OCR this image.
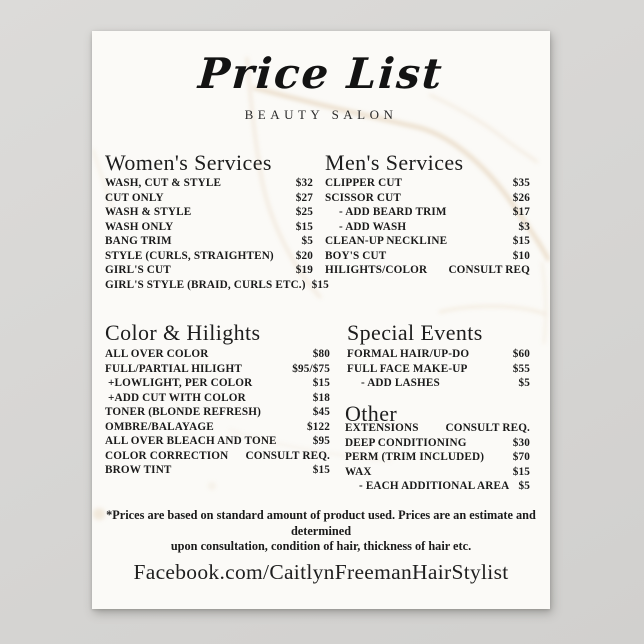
Price List
BEAUTY SALON
Women's Services Men's Services
WASH, CUT & STYLE	$32
CUT ONLY	$27
WASH & STYLE	$25
WASH ONLY	$15
BANG TRIM	$5
STYLE (CURLS, STRAIGHTEN)	$20
GIRL'S CUT	$19
GIRL'S STYLE (BRAID, CURLS ETC.) $15
CLIPPER CUT	$35
SCISSOR CUT	$26
- ADD BEARD TRIM	$17
- ADD WASH	$3
CLEAN-UP NECKLINE	$15
BOY'S CUT	$10
HILIGHTS/COLOR	CONSULT REQ
Color & Hilights	Special Events
ALL OVER COLOR	$80
FULL/PARTIAL HILIGHT	$95/$75
+LOWLIGHT, PER COLOR	$15
+ADD CUT WITH COLOR	$18
TONER (BLONDE REFRESH)	$45
OMBRE/BALAYAGE	$122
ALL OVER BLEACH AND TONE	$95
COLOR CORRECTION	CONSULT REQ.
BROW TINT	$15
FORMAL HAIR/UP-DO	$60
FULL FACE MAKE-UP	$55
- ADD LASHES	$5
Other
EXTENSIONS	CONSULT REQ.
DEEP CONDITIONING	$30
PERM (TRIM INCLUDED)	$70
WAX	$15
- EACH ADDITIONAL AREA $5
*Prices are based on standard amount of product used. Prices are an estimate and determined
upon consultation, condition of hair, thickness of hair etc.
Facebook.com/CaitlynFreemanHairStylist
